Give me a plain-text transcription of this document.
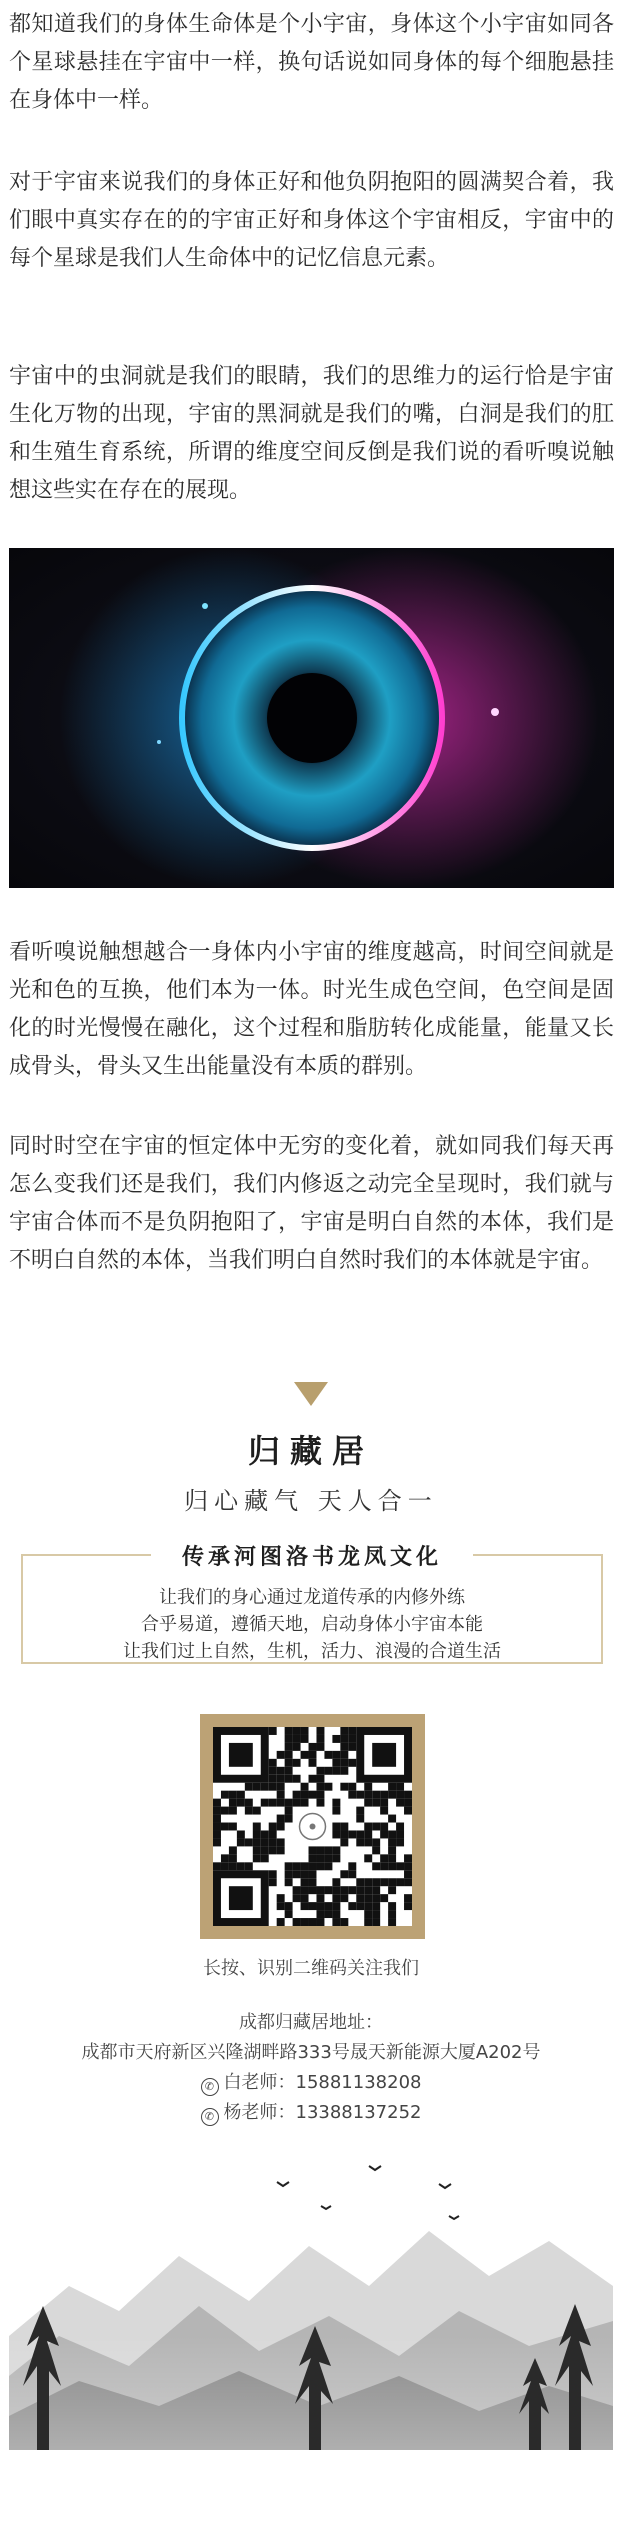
都知道我们的身体生命体是个小宇宙，身体这个小宇宙如同各个星球悬挂在宇宙中一样，换句话说如同身体的每个细胞悬挂在身体中一样。

对于宇宙来说我们的身体正好和他负阴抱阳的圆满契合着，我们眼中真实存在的的宇宙正好和身体这个宇宙相反，宇宙中的每个星球是我们人生命体中的记忆信息元素。

宇宙中的虫洞就是我们的眼睛，我们的思维力的运行恰是宇宙生化万物的出现，宇宙的黑洞就是我们的嘴，白洞是我们的肛和生殖生育系统，所谓的维度空间反倒是我们说的看听嗅说触想这些实在存在的展现。

看听嗅说触想越合一身体内小宇宙的维度越高，时间空间就是光和色的互换，他们本为一体。时光生成色空间，色空间是固化的时光慢慢在融化，这个过程和脂肪转化成能量，能量又长成骨头，骨头又生出能量没有本质的群别。

同时时空在宇宙的恒定体中无穷的变化着，就如同我们每天再怎么变我们还是我们，我们内修返之动完全呈现时，我们就与宇宙合体而不是负阴抱阳了，宇宙是明白自然的本体，我们是不明白自然的本体，当我们明白自然时我们的本体就是宇宙。

归藏居
归心藏气 天人合一
传承河图洛书龙凤文化
让我们的身心通过龙道传承的内修外练
合乎易道，遵循天地，启动身体小宇宙本能
让我们过上自然，生机，活力、浪漫的合道生活
长按、识别二维码关注我们
成都归藏居地址：
成都市天府新区兴隆湖畔路333号晟天新能源大厦A202号
✆ 白老师：15881138208
✆ 杨老师：13388137252
